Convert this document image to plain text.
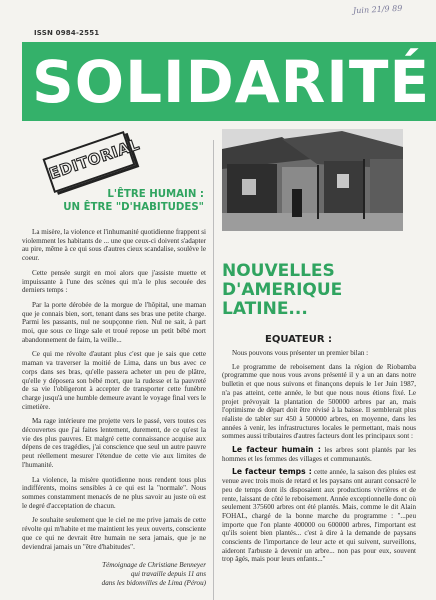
ISSN 0984-2551
Juin 21/9 89
SOLIDARITÉ
EDITORIAL
L'ÊTRE HUMAIN :
UN ÊTRE "D'HABITUDES"

La misère, la violence et l'inhumanité quotidienne frappent si violemment les habitants de ... une que ceux-ci doivent s'adapter au pire, même à ce qui sous d'autres cieux scandalise, soulève le coeur.

Cette pensée surgit en moi alors que j'assiste muette et impuissante à l'une des scènes qui m'a le plus secouée des derniers temps :

Par la porte dérobée de la morgue de l'hôpital, une maman que je connais bien, sort, tenant dans ses bras une petite charge. Parmi les passants, nul ne soupçonne rien. Nul ne sait, à part moi, que sous ce linge sale et troué repose un petit bébé mort abandonnement de faim, la veille...

Ce qui me révolte d'autant plus c'est que je sais que cette maman va traverser la moitié de Lima, dans un bus avec ce corps dans ses bras, qu'elle passera acheter un peu de plâtre, qu'elle y déposera son bébé mort, que la rudesse et la pauvreté de sa vie l'obligeront à accepter de transporter cette funèbre charge jusqu'à une humble demeure avant le voyage final vers le cimetière.

Ma rage intérieure me projette vers le passé, vers toutes ces découvertes que j'ai faites lentement, durement, de ce qu'est la vie des plus pauvres. Et malgré cette connaissance acquise aux dépens de ces tragédies, j'ai conscience que seul un autre pauvre peut réellement mesurer l'étendue de cette vie aux limites de l'humanité.

La violence, la misère quotidienne nous rendent tous plus indifférents, moins sensibles à ce qui est la "normale". Nous sommes constamment menacés de ne plus savoir au juste où est le degré d'acceptation de chacun.

Je souhaite seulement que le ciel ne me prive jamais de cette révolte qui m'habite et me maintient les yeux ouverts, consciente que ce qui ne devrait être humain ne sera jamais, que je ne deviendrai jamais un "être d'habitudes".

Témoignage de Christiane Benneyer
qui travaille depuis 11 ans
dans les bidonvilles de Lima (Pérou)

NOUVELLES
D'AMERIQUE
LATINE...
EQUATEUR :

Nous pouvons vous présenter un premier bilan :

Le programme de reboisement dans la région de Riobamba (programme que nous vous avons présenté il y a un an dans notre bulletin et que nous suivons et finançons depuis le 1er Juin 1987, n'a pas atteint, cette année, le but que nous nous étions fixé. Le projet prévoyait la plantation de 500000 arbres par an, mais l'optimisme de départ doit être révisé à la baisse. Il semblerait plus réaliste de tabler sur 450 à 500000 arbres, en moyenne, dans les années à venir, les infrastructures locales le permettant, mais nous sommes aussi tributaires d'autres facteurs dont les principaux sont :

Le facteur humain : les arbres sont plantés par les hommes et les femmes des villages et communautés.

Le facteur temps : cette année, la saison des pluies est venue avec trois mois de retard et les paysans ont aurant consacré le peu de temps dont ils disposaient aux productions vivrières et de rente, laissant de côté le reboisement. Année exceptionnelle donc où seulement 375600 arbres ont été plantés. Mais, comme le dit Alain FOHAL, chargé de la bonne marche du programme : "...peu importe que l'on plante 400000 ou 600000 arbres, l'important est qu'ils soient bien plantés... c'est à dire à la demande de paysans conscients de l'importance de leur acte et qui suivent, surveillons, aideront l'arbuste à devenir un arbre... non pas pour eux, souvent trop âgés, mais pour leurs enfants..."
